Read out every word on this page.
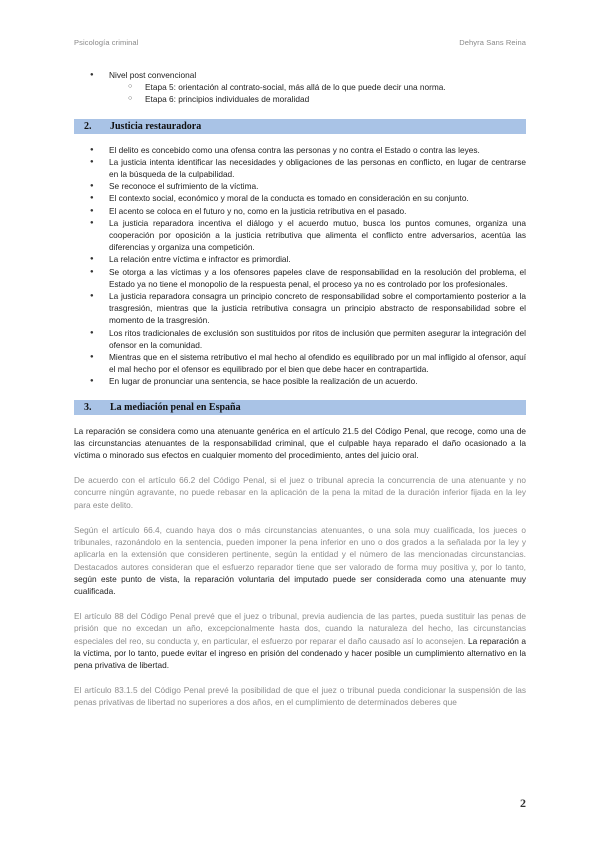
Psicología criminal	Dehyra Sans Reina
● Nivel post convencional
○ Etapa 5: orientación al contrato-social, más allá de lo que puede decir una norma.
○ Etapa 6: principios individuales de moralidad
2. Justicia restauradora
● El delito es concebido como una ofensa contra las personas y no contra el Estado o contra las leyes.
● La justicia intenta identificar las necesidades y obligaciones de las personas en conflicto, en lugar de centrarse en la búsqueda de la culpabilidad.
● Se reconoce el sufrimiento de la víctima.
● El contexto social, económico y moral de la conducta es tomado en consideración en su conjunto.
● El acento se coloca en el futuro y no, como en la justicia retributiva en el pasado.
● La justicia reparadora incentiva el diálogo y el acuerdo mutuo, busca los puntos comunes, organiza una cooperación por oposición a la justicia retributiva que alimenta el conflicto entre adversarios, acentúa las diferencias y organiza una competición.
● La relación entre víctima e infractor es primordial.
● Se otorga a las víctimas y a los ofensores papeles clave de responsabilidad en la resolución del problema, el Estado ya no tiene el monopolio de la respuesta penal, el proceso ya no es controlado por los profesionales.
● La justicia reparadora consagra un principio concreto de responsabilidad sobre el comportamiento posterior a la trasgresión, mientras que la justicia retributiva consagra un principio abstracto de responsabilidad sobre el momento de la trasgresión.
● Los ritos tradicionales de exclusión son sustituidos por ritos de inclusión que permiten asegurar la integración del ofensor en la comunidad.
● Mientras que en el sistema retributivo el mal hecho al ofendido es equilibrado por un mal infligido al ofensor, aquí el mal hecho por el ofensor es equilibrado por el bien que debe hacer en contrapartida.
● En lugar de pronunciar una sentencia, se hace posible la realización de un acuerdo.
3. La mediación penal en España

La reparación se considera como una atenuante genérica en el artículo 21.5 del Código Penal, que recoge, como una de las circunstancias atenuantes de la responsabilidad criminal, que el culpable haya reparado el daño ocasionado a la víctima o minorado sus efectos en cualquier momento del procedimiento, antes del juicio oral.

De acuerdo con el artículo 66.2 del Código Penal, si el juez o tribunal aprecia la concurrencia de una atenuante y no concurre ningún agravante, no puede rebasar en la aplicación de la pena la mitad de la duración inferior fijada en la ley para este delito.

Según el artículo 66.4, cuando haya dos o más circunstancias atenuantes, o una sola muy cualificada, los jueces o tribunales, razonándolo en la sentencia, pueden imponer la pena inferior en uno o dos grados a la señalada por la ley y aplicarla en la extensión que consideren pertinente, según la entidad y el número de las mencionadas circunstancias. Destacados autores consideran que el esfuerzo reparador tiene que ser valorado de forma muy positiva y, por lo tanto, según este punto de vista, la reparación voluntaria del imputado puede ser considerada como una atenuante muy cualificada.

El artículo 88 del Código Penal prevé que el juez o tribunal, previa audiencia de las partes, pueda sustituir las penas de prisión que no excedan un año, excepcionalmente hasta dos, cuando la naturaleza del hecho, las circunstancias especiales del reo, su conducta y, en particular, el esfuerzo por reparar el daño causado así lo aconsejen. La reparación a la víctima, por lo tanto, puede evitar el ingreso en prisión del condenado y hacer posible un cumplimiento alternativo en la pena privativa de libertad.

El artículo 83.1.5 del Código Penal prevé la posibilidad de que el juez o tribunal pueda condicionar la suspensión de las penas privativas de libertad no superiores a dos años, en el cumplimiento de determinados deberes que

2
